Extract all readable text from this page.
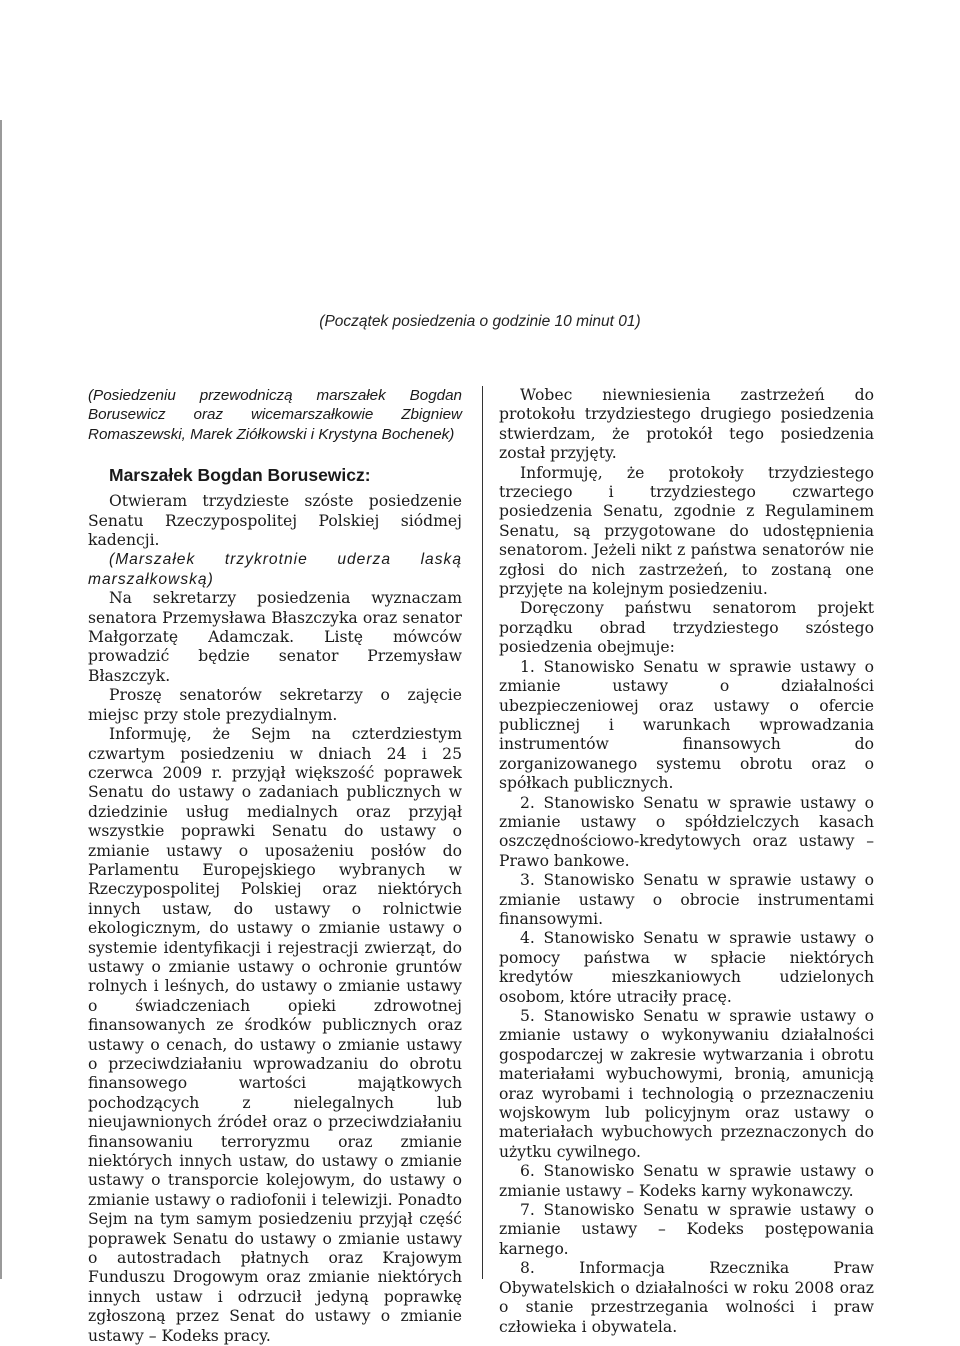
(Początek posiedzenia o godzinie 10 minut 01)

(Posiedzeniu przewodniczą marszałek Bogdan Borusewicz oraz wicemarszałkowie Zbigniew Romaszewski, Marek Ziółkowski i Krystyna Bochenek)

Marszałek Bogdan Borusewicz:

Otwieram trzydzieste szóste posiedzenie Senatu Rzeczypospolitej Polskiej siódmej kadencji.

(Marszałek trzykrotnie uderza laską marszałkowską)

Na sekretarzy posiedzenia wyznaczam senatora Przemysława Błaszczyka oraz senator Małgorzatę Adamczak. Listę mówców prowadzić będzie senator Przemysław Błaszczyk.

Proszę senatorów sekretarzy o zajęcie miejsc przy stole prezydialnym.

Informuję, że Sejm na czterdziestym czwartym posiedzeniu w dniach 24 i 25 czerwca 2009 r. przyjął większość poprawek Senatu do ustawy o zadaniach publicznych w dziedzinie usług medialnych oraz przyjął wszystkie poprawki Senatu do ustawy o zmianie ustawy o uposażeniu posłów do Parlamentu Europejskiego wybranych w Rzeczypospolitej Polskiej oraz niektórych innych ustaw, do ustawy o rolnictwie ekologicznym, do ustawy o zmianie ustawy o systemie identyfikacji i rejestracji zwierząt, do ustawy o zmianie ustawy o ochronie gruntów rolnych i leśnych, do ustawy o zmianie ustawy o świadczeniach opieki zdrowotnej finansowanych ze środków publicznych oraz ustawy o cenach, do ustawy o zmianie ustawy o przeciwdziałaniu wprowadzaniu do obrotu finansowego wartości majątkowych pochodzących z nielegalnych lub nieujawnionych źródeł oraz o przeciwdziałaniu finansowaniu terroryzmu oraz zmianie niektórych innych ustaw, do ustawy o zmianie ustawy o transporcie kolejowym, do ustawy o zmianie ustawy o radiofonii i telewizji. Ponadto Sejm na tym samym posiedzeniu przyjął część poprawek Senatu do ustawy o zmianie ustawy o autostradach płatnych oraz Krajowym Funduszu Drogowym oraz zmianie niektórych innych ustaw i odrzucił jedyną poprawkę zgłoszoną przez Senat do ustawy o zmianie ustawy – Kodeks pracy.

Wobec niewniesienia zastrzeżeń do protokołu trzydziestego drugiego posiedzenia stwierdzam, że protokół tego posiedzenia został przyjęty.

Informuję, że protokoły trzydziestego trzeciego i trzydziestego czwartego posiedzenia Senatu, zgodnie z Regulaminem Senatu, są przygotowane do udostępnienia senatorom. Jeżeli nikt z państwa senatorów nie zgłosi do nich zastrzeżeń, to zostaną one przyjęte na kolejnym posiedzeniu.

Doręczony państwu senatorom projekt porządku obrad trzydziestego szóstego posiedzenia obejmuje:

1. Stanowisko Senatu w sprawie ustawy o zmianie ustawy o działalności ubezpieczeniowej oraz ustawy o ofercie publicznej i warunkach wprowadzania instrumentów finansowych do zorganizowanego systemu obrotu oraz o spółkach publicznych.

2. Stanowisko Senatu w sprawie ustawy o zmianie ustawy o spółdzielczych kasach oszczędnościowo-kredytowych oraz ustawy – Prawo bankowe.

3. Stanowisko Senatu w sprawie ustawy o zmianie ustawy o obrocie instrumentami finansowymi.

4. Stanowisko Senatu w sprawie ustawy o pomocy państwa w spłacie niektórych kredytów mieszkaniowych udzielonych osobom, które utraciły pracę.

5. Stanowisko Senatu w sprawie ustawy o zmianie ustawy o wykonywaniu działalności gospodarczej w zakresie wytwarzania i obrotu materiałami wybuchowymi, bronią, amunicją oraz wyrobami i technologią o przeznaczeniu wojskowym lub policyjnym oraz ustawy o materiałach wybuchowych przeznaczonych do użytku cywilnego.

6. Stanowisko Senatu w sprawie ustawy o zmianie ustawy – Kodeks karny wykonawczy.

7. Stanowisko Senatu w sprawie ustawy o zmianie ustawy – Kodeks postępowania karnego.

8. Informacja Rzecznika Praw Obywatelskich o działalności w roku 2008 oraz o stanie przestrzegania wolności i praw człowieka i obywatela.
